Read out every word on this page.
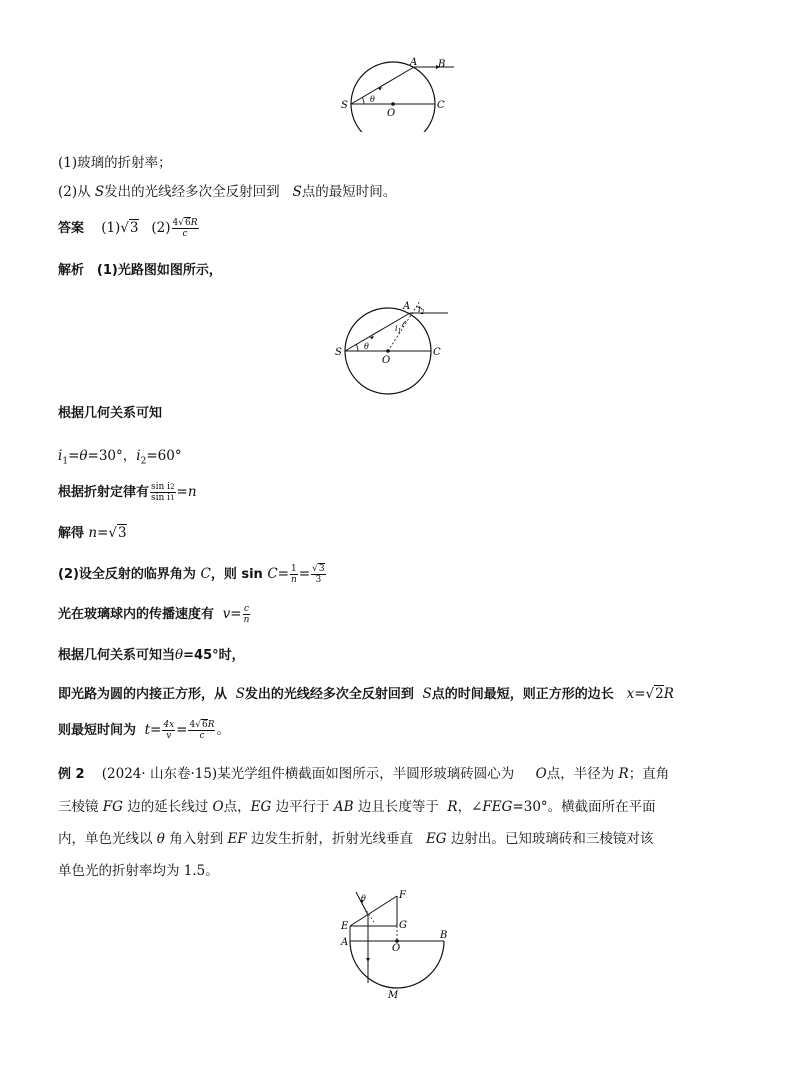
S
A B
C
O
θ
(1)玻璃的折射率；
(2)从 S发出的光线经多次全反射回到 S点的最短时间。
答案 (1)√3 $(2) \frac{4√6R}{c}$
解析 (1)光路图如图所示，
S
A
C
O
θ
$i_1$
$i_2$
根据几何关系可知
$i_1=\theta=30^\circ$，$i_2=60^\circ$
根据折射定律有 $\frac{\text{sin i2}}{\text{sin i1}} =n$
解得 n=√3
(2)设全反射的临界角为 C，则 $\sin C= \frac{1}{n} = \frac{√3}{3}$
光在玻璃球内的传播速度有 $v= \frac{c}{n}$
根据几何关系可知当θ=45°时，
即光路为圆的内接正方形，从 S发出的光线经多次全反射回到 S点的时间最短，则正方形的边长 x=√2R
则最短时间为 $t= \frac{4x}{v} = \frac{4√6R}{c}$ 。
例 2 (2024· 山东卷·15)某光学组件横截面如图所示，半圆形玻璃砖圆心为 O点，半径为 R；直角
三棱镜 FG 边的延长线过 O点，EG 边平行于 AB 边且长度等于 R，∠FEG=30°。横截面所在平面
内，单色光线以 θ 角入射到 EF 边发生折射，折射光线垂直 EG 边射出。已知玻璃砖和三棱镜对该
单色光的折射率均为 1.5。
F
E	G
A
O
B
M
θ
